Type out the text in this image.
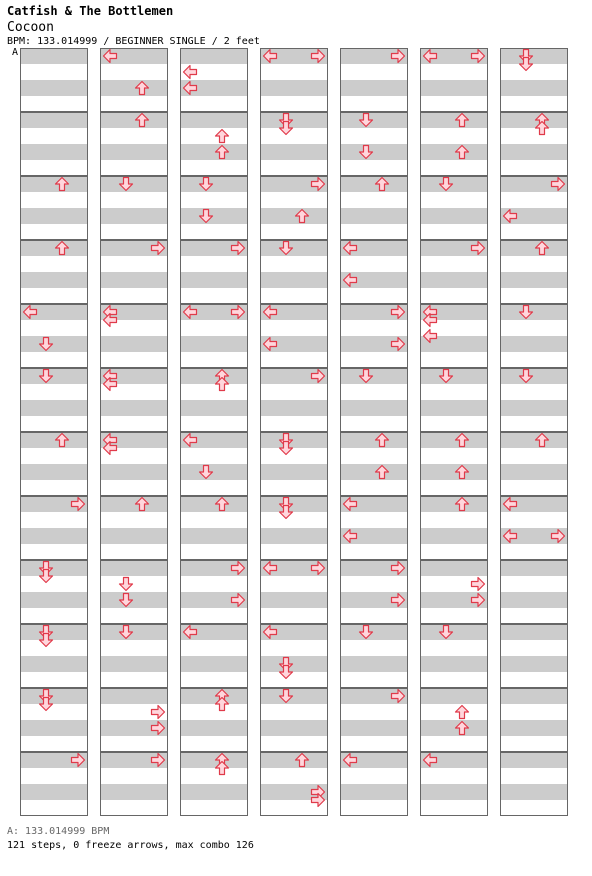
Catfish & The Bottlemen
Cocoon
BPM: 133.014999 / BEGINNER SINGLE / 2 feet
A
A: 133.014999 BPM
121 steps, 0 freeze arrows, max combo 126
